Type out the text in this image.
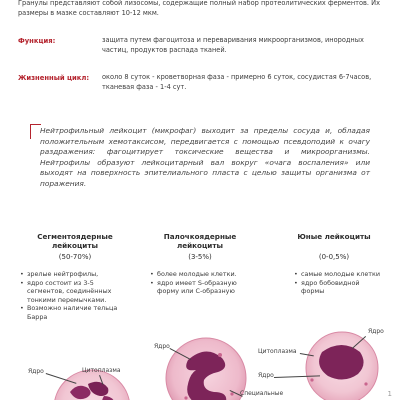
Гранулы представляют собой лизосомы, содержащие полный набор протеолитических ферментов. Их размеры в мазке составляют 10-12 мкм.
Функция:	защита путем фагоцитоза и переваривания микроорганизмов, инородных частиц, продуктов распада тканей.
Жизненный цикл: около 8 суток - кроветворная фаза - примерно 6 суток, сосудистая 6-7часов, тканевая фаза - 1-4 сут.
Нейтрофильный лейкоцит (микрофаг) выходит за пределы сосуда и, обладая положительным хемотаксисом, передвигается с помощью псевдоподий к очагу раздражения: фагоцитирует токсические вещества и микроорганизмы. Нейтрофилы образуют лейкоцитарный вал вокруг «очага воспаления» или выходят на поверхность эпителиального пласта с целью защиты организма от поражения.
Сегментоядерные лейкоциты
(50-70%)
• зрелые нейтрофилы,
• ядро состоит из 3-5 сегментов, соединённых тонкими перемычками.
• Возможно наличие тельца Барра
Палочкоядерные лейкоциты
(3-5%)
• более молодые клетки.
• ядро имеет S-образную форму или C-образную
Юные лейкоциты
(0-0,5%)
• самые молодые клетки
• ядро бобовидной формы
Ядро	Цитоплазма
Ядро
Специальные
Цитоплазма
Ядро
Ядро
1
